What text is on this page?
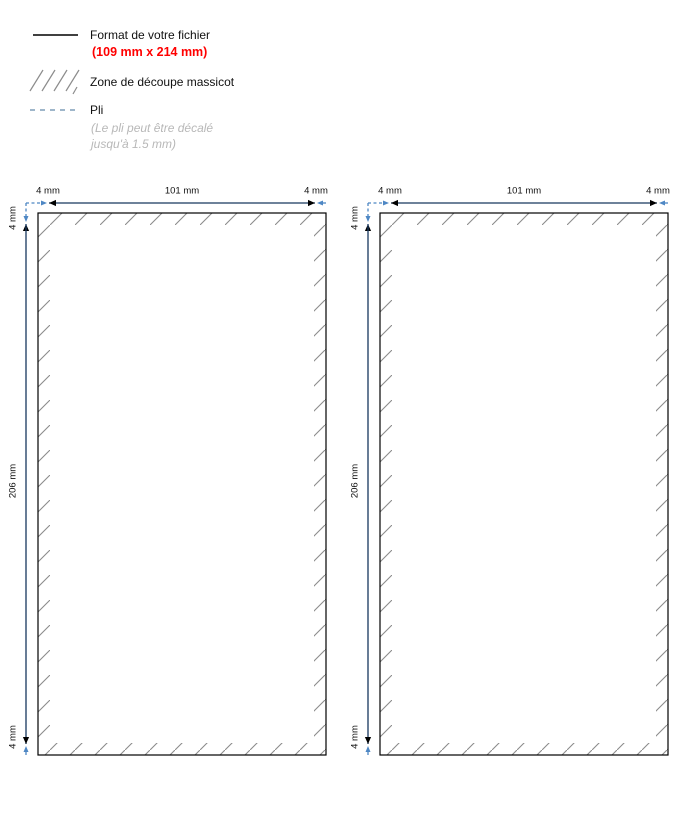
Format de votre fichier
(109 mm x 214 mm)
Zone de découpe massicot
Pli
(Le pli peut être décalé
jusqu'à 1.5 mm)
4 mm	101 mm	4 mm
4 mm
206 mm
4 mm
4 mm	101 mm	4 mm
4 mm
206 mm
4 mm
